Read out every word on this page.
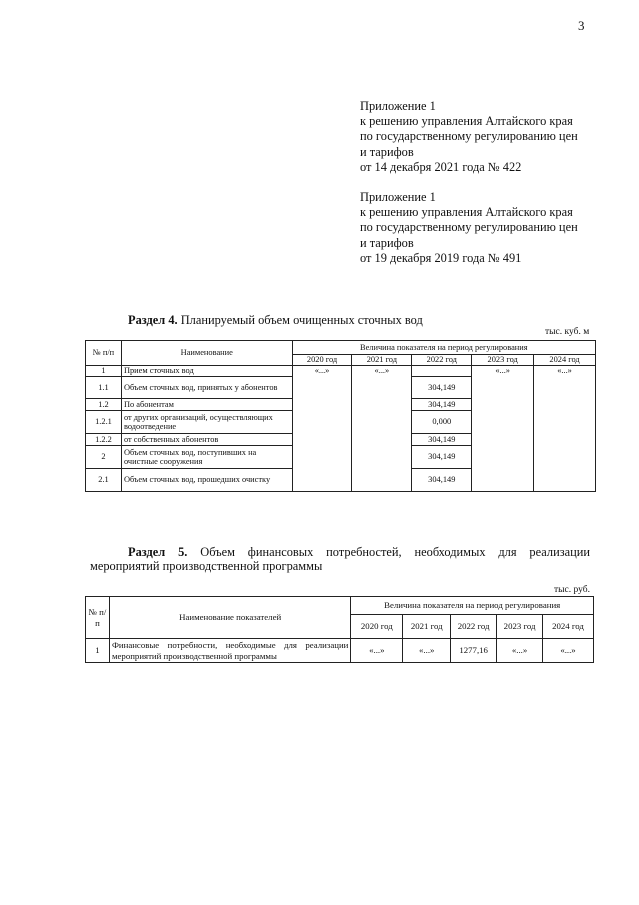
3
Приложение 1
к решению управления Алтайского края
по государственному регулированию цен
и тарифов
от 14 декабря 2021 года № 422
Приложение 1
к решению управления Алтайского края
по государственному регулированию цен
и тарифов
от 19 декабря 2019 года № 491
Раздел 4. Планируемый объем очищенных сточных вод
тыс. куб. м
№ п/п	Наименование	Величина показателя на период регулирования				
		2020 год	2021 год	2022 год	2023 год	2024 год
1	Прием сточных вод	«...»	«...»		«...»	«...»
1.1	Объем сточных вод, принятых у абонентов			304,149		
1.2	По абонентам			304,149		
1.2.1	от других организаций, осуществляющих водоотведение			0,000		
1.2.2	от собственных абонентов			304,149		
2	Объем сточных вод, поступивших на очистные сооружения			304,149		
2.1	Объем сточных вод, прошедших очистку			304,149		
Раздел 5. Объем финансовых потребностей, необходимых для реализации
мероприятий производственной программы
тыс. руб.
№ п/п	Наименование показателей	Величина показателя на период регулирования				
		2020 год	2021 год	2022 год	2023 год	2024 год
1	Финансовые потребности, необходимые для реализации мероприятий производственной программы	«...»	«...»	1277,16	«...»	«...»
